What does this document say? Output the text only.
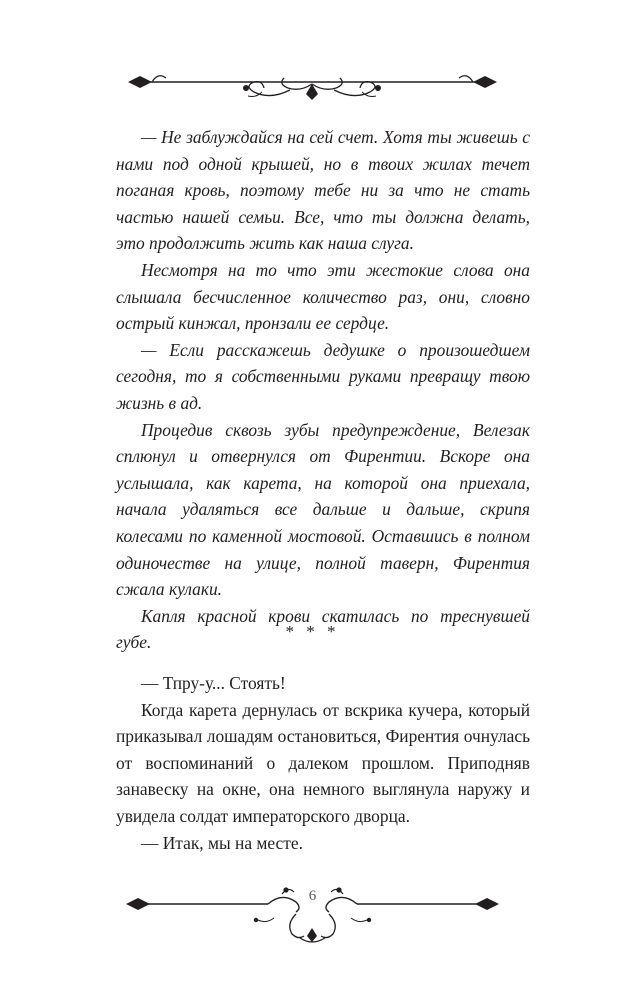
— Не заблуждайся на сей счет. Хотя ты живешь с нами под одной крышей, но в твоих жилах течет поганая кровь, поэтому тебе ни за что не стать частью нашей семьи. Все, что ты должна делать, это продолжить жить как наша слуга.

Несмотря на то что эти жестокие слова она слышала бесчисленное количество раз, они, словно острый кинжал, пронзали ее сердце.

— Если расскажешь дедушке о произошедшем сегодня, то я собственными руками превращу твою жизнь в ад.

Процедив сквозь зубы предупреждение, Велезак сплюнул и отвернулся от Фирентии. Вскоре она услышала, как карета, на которой она приехала, начала удаляться все дальше и дальше, скрипя колесами по каменной мостовой. Оставшись в полном одиночестве на улице, полной таверн, Фирентия сжала кулаки.

Капля красной крови скатилась по треснувшей губе.

* * *

— Тпру-у... Стоять!

Когда карета дернулась от вскрика кучера, который приказывал лошадям остановиться, Фирентия очнулась от воспоминаний о далеком прошлом. Приподняв занавеску на окне, она немного выглянула наружу и увидела солдат императорского дворца.

— Итак, мы на месте.

6
